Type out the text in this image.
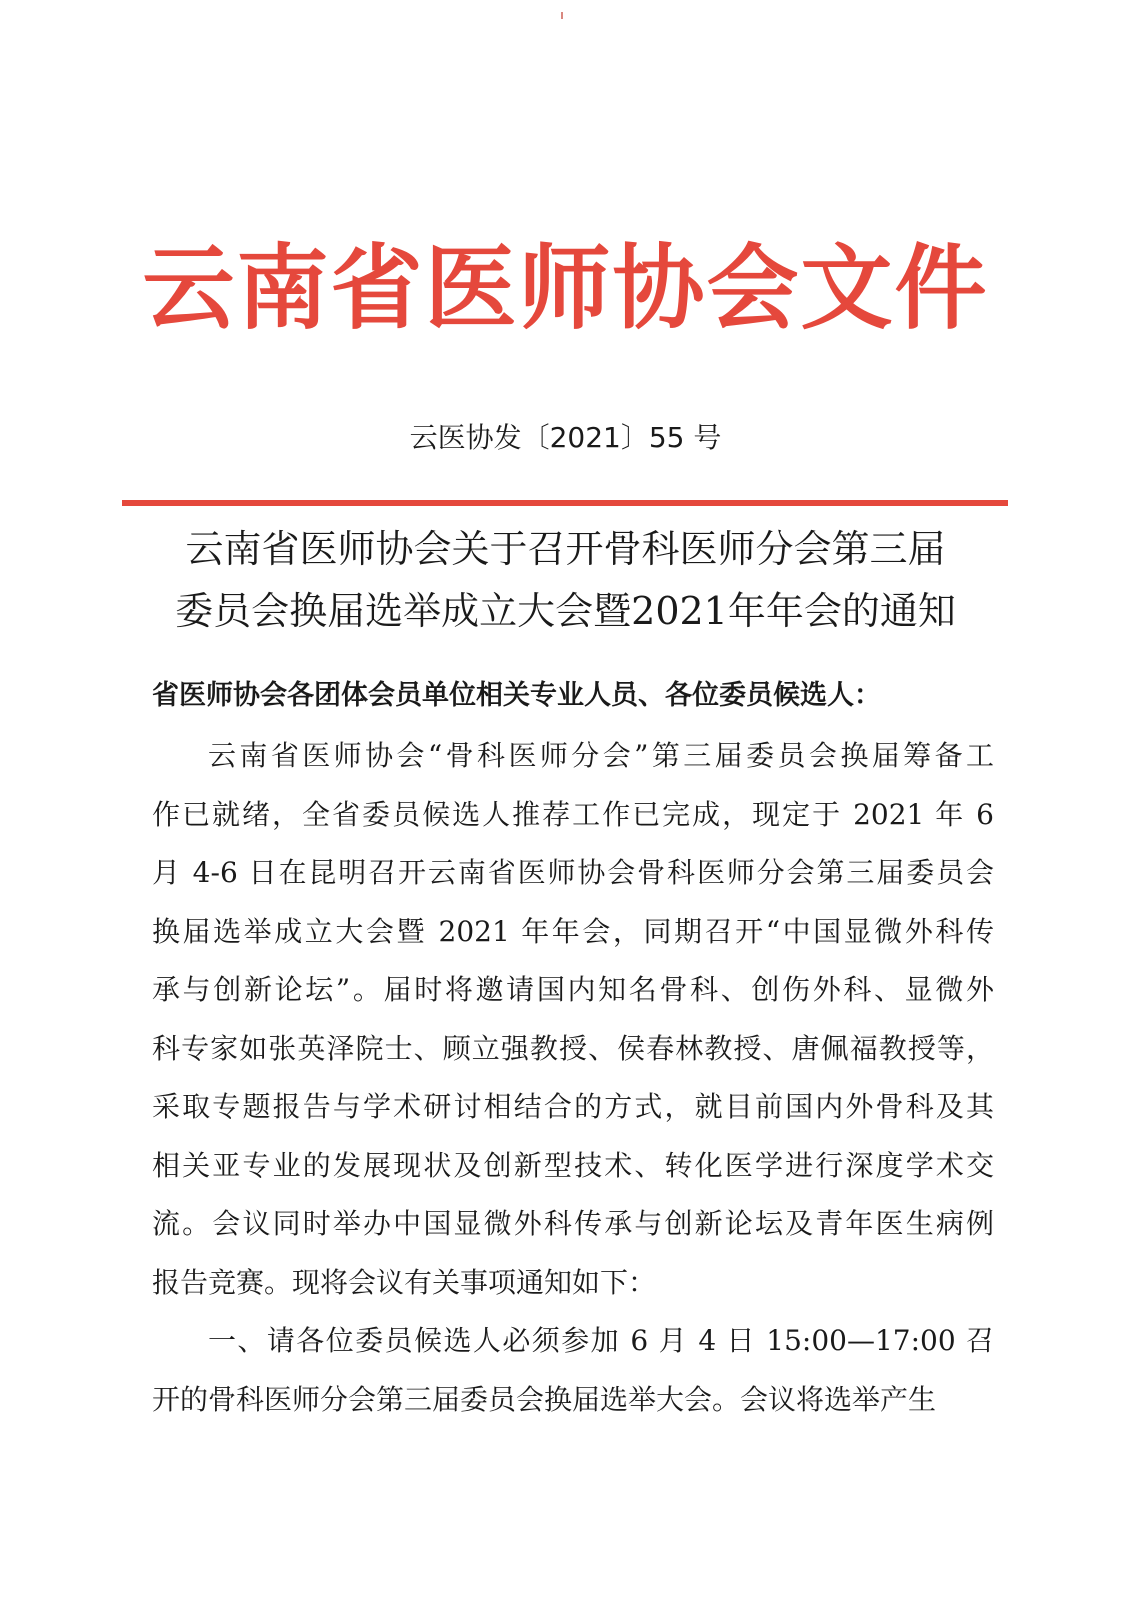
云南省医师协会文件
云医协发〔2021〕55 号
云南省医师协会关于召开骨科医师分会第三届
委员会换届选举成立大会暨2021年年会的通知
省医师协会各团体会员单位相关专业人员、各位委员候选人：
云南省医师协会“骨科医师分会”第三届委员会换届筹备工
作已就绪，全省委员候选人推荐工作已完成，现定于 2021 年 6
月 4-6 日在昆明召开云南省医师协会骨科医师分会第三届委员会
换届选举成立大会暨 2021 年年会，同期召开“中国显微外科传
承与创新论坛”。届时将邀请国内知名骨科、创伤外科、显微外
科专家如张英泽院士、顾立强教授、侯春林教授、唐佩福教授等，
采取专题报告与学术研讨相结合的方式，就目前国内外骨科及其
相关亚专业的发展现状及创新型技术、转化医学进行深度学术交
流。会议同时举办中国显微外科传承与创新论坛及青年医生病例
报告竞赛。现将会议有关事项通知如下：
一、请各位委员候选人必须参加 6 月 4 日 15:00—17:00 召
开的骨科医师分会第三届委员会换届选举大会。会议将选举产生
